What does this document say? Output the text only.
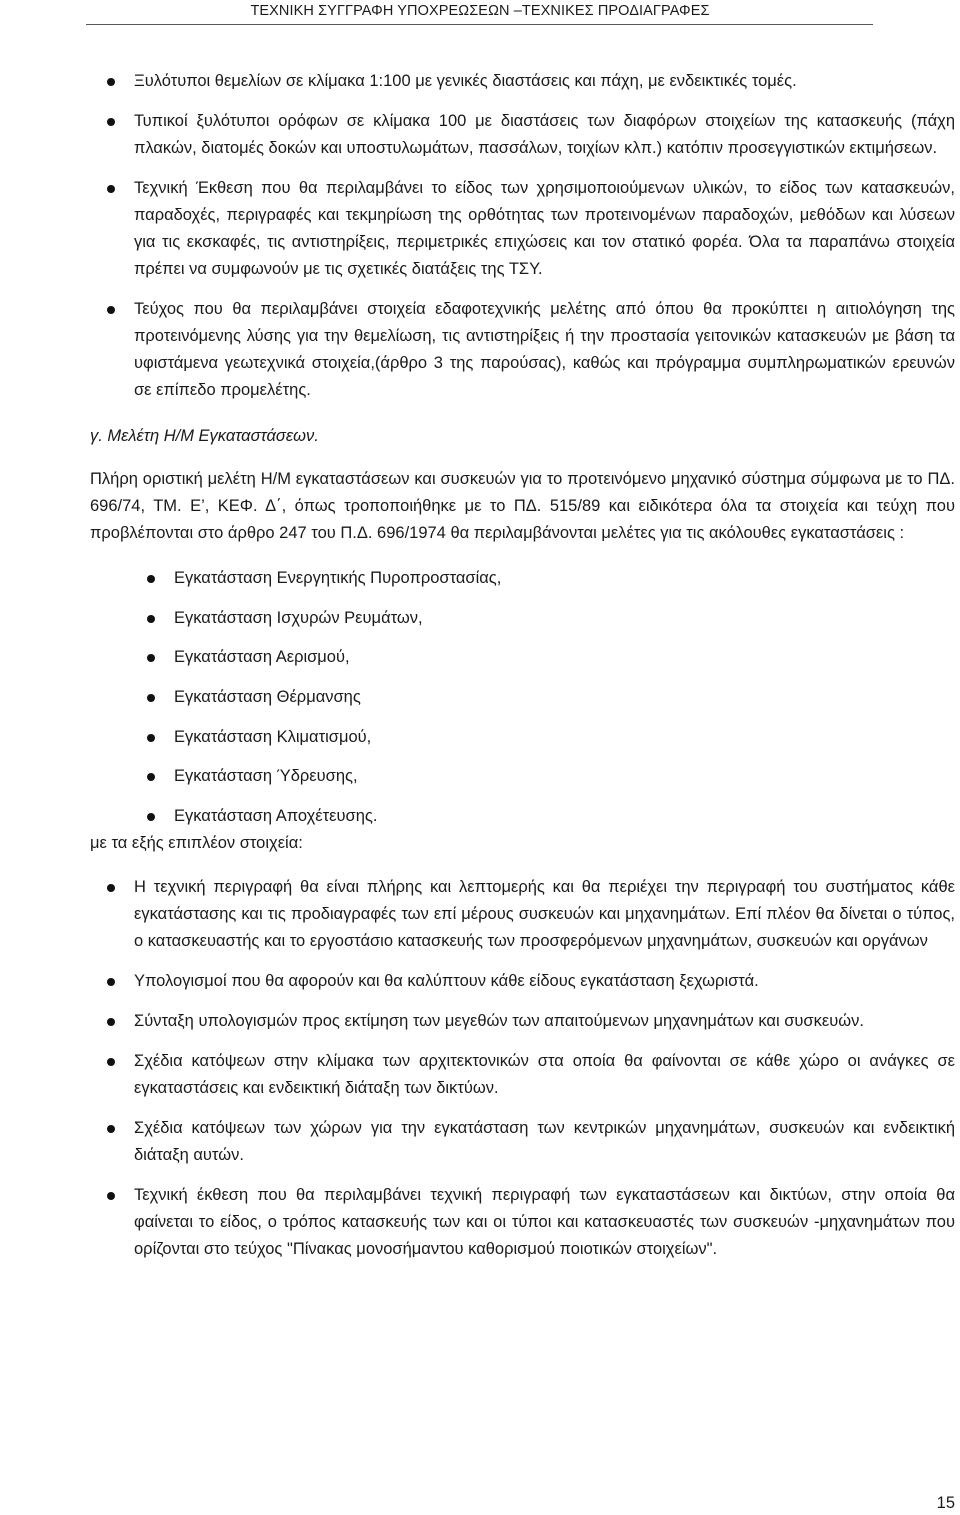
ΤΕΧΝΙΚΗ ΣΥΓΓΡΑΦΗ ΥΠΟΧΡΕΩΣΕΩΝ –ΤΕΧΝΙΚΕΣ ΠΡΟΔΙΑΓΡΑΦΕΣ
Ξυλότυποι θεμελίων σε κλίμακα 1:100 με γενικές διαστάσεις και πάχη, με ενδεικτικές τομές.
Τυπικοί ξυλότυποι ορόφων σε κλίμακα 100 με διαστάσεις των διαφόρων στοιχείων της κατασκευής (πάχη πλακών, διατομές δοκών και υποστυλωμάτων, πασσάλων, τοιχίων κλπ.) κατόπιν προσεγγιστικών εκτιμήσεων.
Τεχνική Έκθεση που θα περιλαμβάνει το είδος των χρησιμοποιούμενων υλικών, το είδος των κατασκευών, παραδοχές, περιγραφές και τεκμηρίωση της ορθότητας των προτεινομένων παραδοχών, μεθόδων και λύσεων για τις εκσκαφές, τις αντιστηρίξεις, περιμετρικές επιχώσεις και τον στατικό φορέα. Όλα τα παραπάνω στοιχεία πρέπει να συμφωνούν με τις σχετικές διατάξεις της ΤΣΥ.
Τεύχος που θα περιλαμβάνει στοιχεία εδαφοτεχνικής μελέτης από όπου θα προκύπτει η αιτιολόγηση της προτεινόμενης λύσης για την θεμελίωση, τις αντιστηρίξεις ή την προστασία γειτονικών κατασκευών με βάση τα υφιστάμενα γεωτεχνικά στοιχεία,(άρθρο 3 της παρούσας), καθώς και πρόγραμμα συμπληρωματικών ερευνών σε επίπεδο προμελέτης.
γ. Μελέτη Η/Μ Εγκαταστάσεων.

Πλήρη οριστική μελέτη Η/Μ εγκαταστάσεων και συσκευών για το προτεινόμενο μηχανικό σύστημα σύμφωνα με το ΠΔ. 696/74, ΤΜ. Ε’, ΚΕΦ. Δ΄, όπως τροποποιήθηκε με το ΠΔ. 515/89 και ειδικότερα όλα τα στοιχεία και τεύχη που προβλέπονται στο άρθρο 247 του Π.Δ. 696/1974 θα περιλαμβάνονται μελέτες για τις ακόλουθες εγκαταστάσεις :

Εγκατάσταση Ενεργητικής Πυροπροστασίας,
Εγκατάσταση Ισχυρών Ρευμάτων,
Εγκατάσταση Αερισμού,
Εγκατάσταση Θέρμανσης
Εγκατάσταση Κλιματισμού,
Εγκατάσταση Ύδρευσης,
Εγκατάσταση Αποχέτευσης.

με τα εξής επιπλέον στοιχεία:

Η τεχνική περιγραφή θα είναι πλήρης και λεπτομερής και θα περιέχει την περιγραφή του συστήματος κάθε εγκατάστασης και τις προδιαγραφές των επί μέρους συσκευών και μηχανημάτων. Επί πλέον θα δίνεται ο τύπος, ο κατασκευαστής και το εργοστάσιο κατασκευής των προσφερόμενων μηχανημάτων, συσκευών και οργάνων
Υπολογισμοί που θα αφορούν και θα καλύπτουν κάθε είδους εγκατάσταση ξεχωριστά.
Σύνταξη υπολογισμών προς εκτίμηση των μεγεθών των απαιτούμενων μηχανημάτων και συσκευών.
Σχέδια κατόψεων στην κλίμακα των αρχιτεκτονικών στα οποία θα φαίνονται σε κάθε χώρο οι ανάγκες σε εγκαταστάσεις και ενδεικτική διάταξη των δικτύων.
Σχέδια κατόψεων των χώρων για την εγκατάσταση των κεντρικών μηχανημάτων, συσκευών και ενδεικτική διάταξη αυτών.
Τεχνική έκθεση που θα περιλαμβάνει τεχνική περιγραφή των εγκαταστάσεων και δικτύων, στην οποία θα φαίνεται το είδος, ο τρόπος κατασκευής των και οι τύποι και κατασκευαστές των συσκευών -μηχανημάτων που ορίζονται στο τεύχος "Πίνακας μονοσήμαντου καθορισμού ποιοτικών στοιχείων".
15
